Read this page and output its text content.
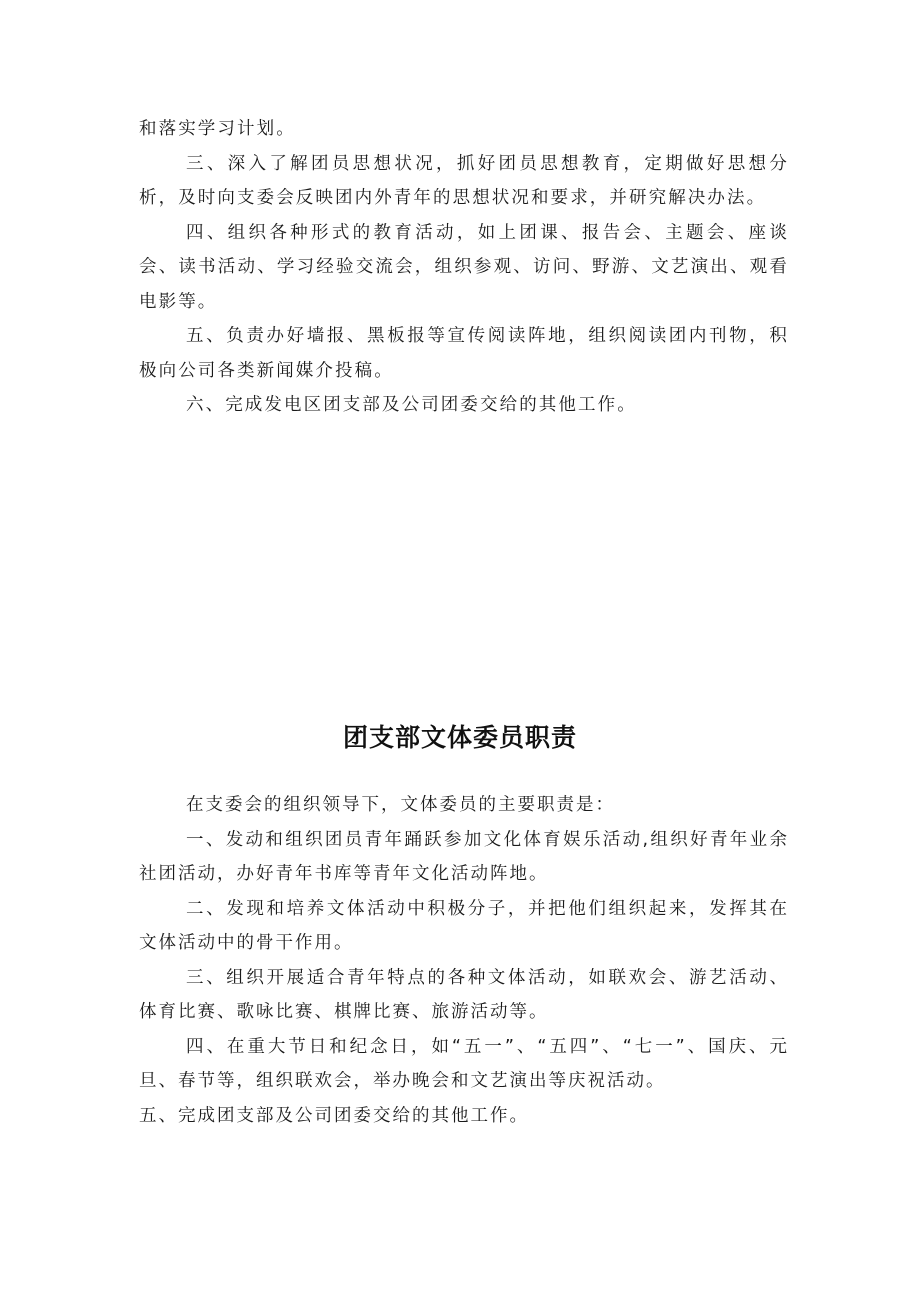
和落实学习计划。

三、深入了解团员思想状况，抓好团员思想教育，定期做好思想分析，及时向支委会反映团内外青年的思想状况和要求，并研究解决办法。

四、组织各种形式的教育活动，如上团课、报告会、主题会、座谈会、读书活动、学习经验交流会，组织参观、访问、野游、文艺演出、观看电影等。

五、负责办好墙报、黑板报等宣传阅读阵地，组织阅读团内刊物，积极向公司各类新闻媒介投稿。

六、完成发电区团支部及公司团委交给的其他工作。

团支部文体委员职责

在支委会的组织领导下，文体委员的主要职责是：

一、发动和组织团员青年踊跃参加文化体育娱乐活动,组织好青年业余社团活动，办好青年书库等青年文化活动阵地。

二、发现和培养文体活动中积极分子，并把他们组织起来，发挥其在文体活动中的骨干作用。

三、组织开展适合青年特点的各种文体活动，如联欢会、游艺活动、体育比赛、歌咏比赛、棋牌比赛、旅游活动等。

四、在重大节日和纪念日，如“五一”、“五四”、“七一”、国庆、元旦、春节等，组织联欢会，举办晚会和文艺演出等庆祝活动。

五、完成团支部及公司团委交给的其他工作。
